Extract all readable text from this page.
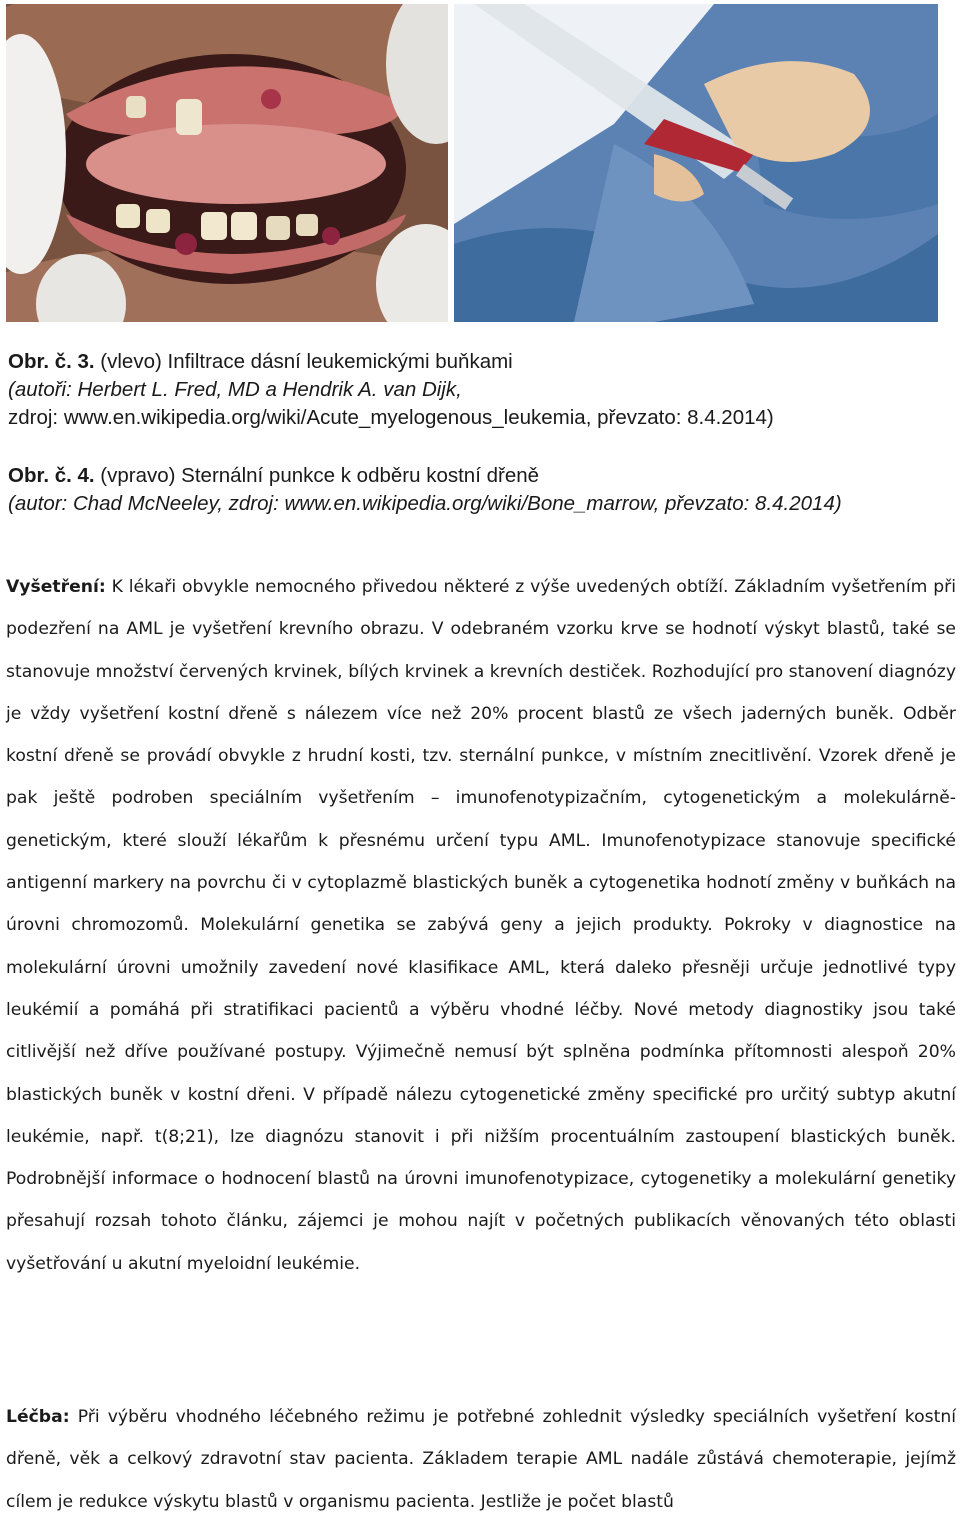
Obr. č. 3. (vlevo) Infiltrace dásní leukemickými buňkami
(autoři: Herbert L. Fred, MD a Hendrik A. van Dijk,
zdroj: www.en.wikipedia.org/wiki/Acute_myelogenous_leukemia, převzato: 8.4.2014)
Obr. č. 4. (vpravo) Sternální punkce k odběru kostní dřeně
(autor: Chad McNeeley, zdroj: www.en.wikipedia.org/wiki/Bone_marrow, převzato: 8.4.2014)

Vyšetření: K lékaři obvykle nemocného přivedou některé z výše uvedených obtíží. Základním vyšetřením při podezření na AML je vyšetření krevního obrazu. V odebraném vzorku krve se hodnotí výskyt blastů, také se stanovuje množství červených krvinek, bílých krvinek a krevních destiček. Rozhodující pro stanovení diagnózy je vždy vyšetření kostní dřeně s nálezem více než 20% procent blastů ze všech jaderných buněk. Odběr kostní dřeně se provádí obvykle z hrudní kosti, tzv. sternální punkce, v místním znecitlivění. Vzorek dřeně je pak ještě podroben speciálním vyšetřením – imunofenotypizačním, cytogenetickým a molekulárně-genetickým, které slouží lékařům k přesnému určení typu AML. Imunofenotypizace stanovuje specifické antigenní markery na povrchu či v cytoplazmě blastických buněk a cytogenetika hodnotí změny v buňkách na úrovni chromozomů. Molekulární genetika se zabývá geny a jejich produkty. Pokroky v diagnostice na molekulární úrovni umožnily zavedení nové klasifikace AML, která daleko přesněji určuje jednotlivé typy leukémií a pomáhá při stratifikaci pacientů a výběru vhodné léčby. Nové metody diagnostiky jsou také citlivější než dříve používané postupy. Výjimečně nemusí být splněna podmínka přítomnosti alespoň 20% blastických buněk v kostní dřeni. V případě nálezu cytogenetické změny specifické pro určitý subtyp akutní leukémie, např. t(8;21), lze diagnózu stanovit i při nižším procentuálním zastoupení blastických buněk. Podrobnější informace o hodnocení blastů na úrovni imunofenotypizace, cytogenetiky a molekulární genetiky přesahují rozsah tohoto článku, zájemci je mohou najít v početných publikacích věnovaných této oblasti vyšetřování u akutní myeloidní leukémie.

Léčba: Při výběru vhodného léčebného režimu je potřebné zohlednit výsledky speciálních vyšetření kostní dřeně, věk a celkový zdravotní stav pacienta. Základem terapie AML nadále zůstává chemoterapie, jejímž cílem je redukce výskytu blastů v organismu pacienta. Jestliže je počet blastů
